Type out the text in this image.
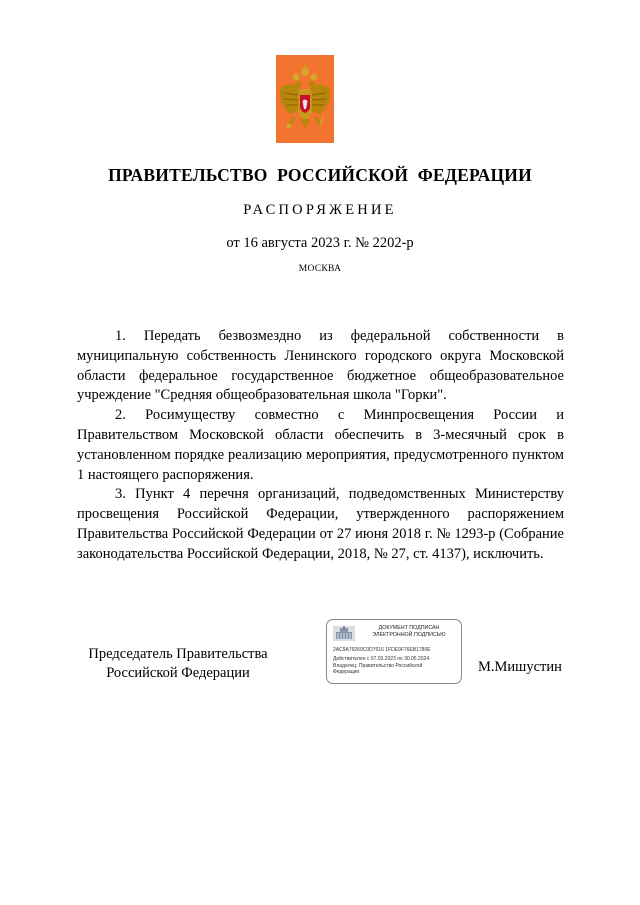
ПРАВИТЕЛЬСТВО РОССИЙСКОЙ ФЕДЕРАЦИИ
РАСПОРЯЖЕНИЕ
от 16 августа 2023 г. № 2202-р
МОСКВА

1. Передать безвозмездно из федеральной собственности в муниципальную собственность Ленинского городского округа Московской области федеральное государственное бюджетное общеобразовательное учреждение "Средняя общеобразовательная школа "Горки".

2. Росимуществу совместно с Минпросвещения России и Правительством Московской области обеспечить в 3-месячный срок в установленном порядке реализацию мероприятия, предусмотренного пунктом 1 настоящего распоряжения.

3. Пункт 4 перечня организаций, подведомственных Министерству просвещения Российской Федерации, утвержденного распоряжением Правительства Российской Федерации от 27 июня 2018 г. № 1293-р (Собрание законодательства Российской Федерации, 2018, № 27, ст. 4137), исключить.

Председатель Правительства
Российской Федерации
ДОКУМЕНТ ПОДПИСАН
ЭЛЕКТРОННОЙ ПОДПИСЬЮ
2AC9A79260C0D7616 1FDE9F76EB1780E
Действителен с 07.03.2023 по 30.05.2024
Владелец: Правительство Российской
Федерации	М.Мишустин
